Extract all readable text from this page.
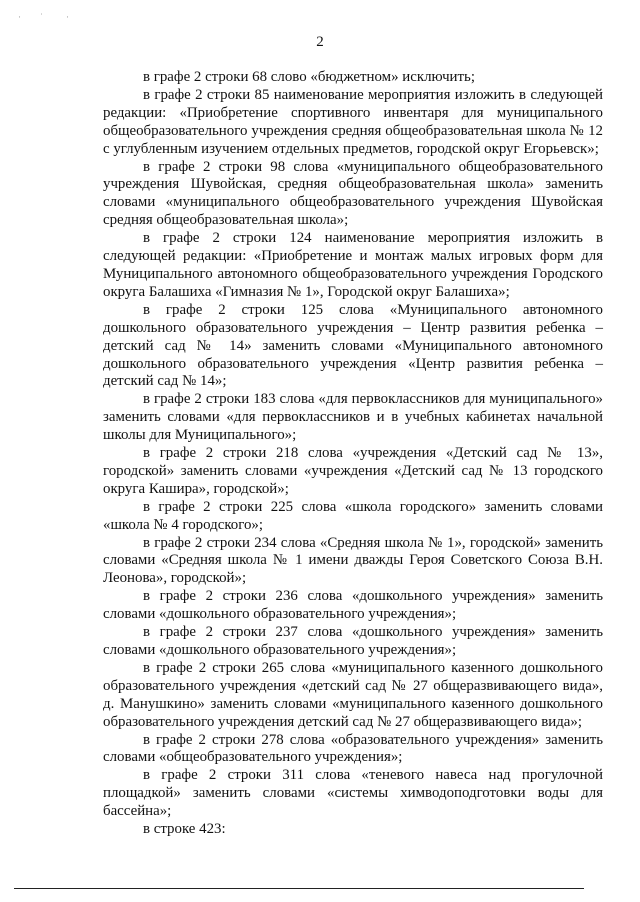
· ˙	·
2

в графе 2 строки 68 слово «бюджетном» исключить;

в графе 2 строки 85 наименование мероприятия изложить в следующей редакции: «Приобретение спортивного инвентаря для муниципального общеобразовательного учреждения средняя общеобразовательная школа № 12 с углубленным изучением отдельных предметов, городской округ Егорьевск»;

в графе 2 строки 98 слова «муниципального общеобразовательного учреждения Шувойская, средняя общеобразовательная школа» заменить словами «муниципального общеобразовательного учреждения Шувойская средняя общеобразовательная школа»;

в графе 2 строки 124 наименование мероприятия изложить в следующей редакции: «Приобретение и монтаж малых игровых форм для Муниципального автономного общеобразовательного учреждения Городского округа Балашиха «Гимназия № 1», Городской округ Балашиха»;

в графе 2 строки 125 слова «Муниципального автономного дошкольного образовательного учреждения – Центр развития ребенка – детский сад № 14» заменить словами «Муниципального автономного дошкольного образовательного учреждения «Центр развития ребенка – детский сад № 14»;

в графе 2 строки 183 слова «для первоклассников для муниципального» заменить словами «для первоклассников и в учебных кабинетах начальной школы для Муниципального»;

в графе 2 строки 218 слова «учреждения «Детский сад № 13», городской» заменить словами «учреждения «Детский сад № 13 городского округа Кашира», городской»;

в графе 2 строки 225 слова «школа городского» заменить словами «школа № 4 городского»;

в графе 2 строки 234 слова «Средняя школа № 1», городской» заменить словами «Средняя школа № 1 имени дважды Героя Советского Союза В.Н. Леонова», городской»;

в графе 2 строки 236 слова «дошкольного учреждения» заменить словами «дошкольного образовательного учреждения»;

в графе 2 строки 237 слова «дошкольного учреждения» заменить словами «дошкольного образовательного учреждения»;

в графе 2 строки 265 слова «муниципального казенного дошкольного образовательного учреждения «детский сад № 27 общеразвивающего вида», д. Манушкино» заменить словами «муниципального казенного дошкольного образовательного учреждения детский сад № 27 общеразвивающего вида»;

в графе 2 строки 278 слова «образовательного учреждения» заменить словами «общеобразовательного учреждения»;

в графе 2 строки 311 слова «теневого навеса над прогулочной площадкой» заменить словами «системы химводоподготовки воды для бассейна»;

в строке 423:
